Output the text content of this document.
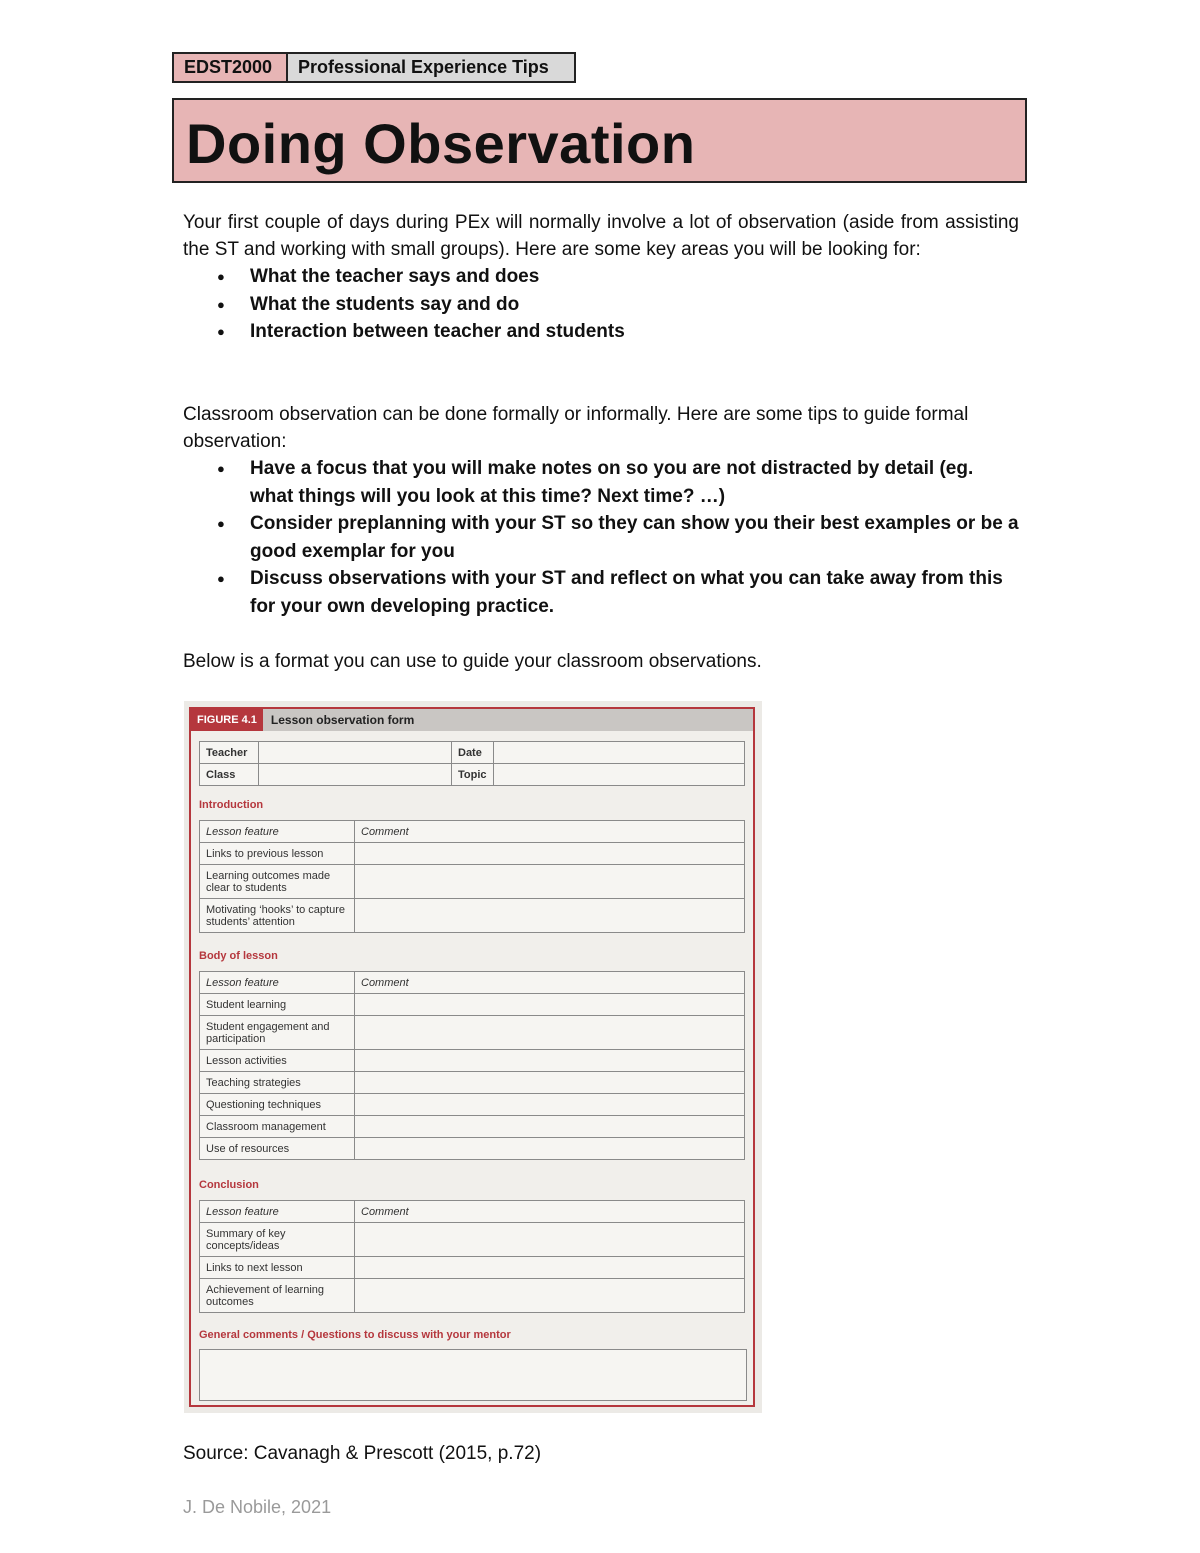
EDST2000	Professional Experience Tips
Doing Observation

Your first couple of days during PEx will normally involve a lot of observation (aside from assisting the ST and working with small groups). Here are some key areas you will be looking for:

● What the teacher says and does
● What the students say and do
● Interaction between teacher and students

Classroom observation can be done formally or informally. Here are some tips to guide formal observation:

● Have a focus that you will make notes on so you are not distracted by detail (eg. what things will you look at this time? Next time? …)
● Consider preplanning with your ST so they can show you their best examples or be a good exemplar for you
● Discuss observations with your ST and reflect on what you can take away from this for your own developing practice.
Below is a format you can use to guide your classroom observations.
FIGURE 4.1	Lesson observation form
Teacher		Date	
Class		Topic	
Introduction
Lesson feature	Comment
Links to previous lesson	
Learning outcomes made clear to students	
Motivating ‘hooks’ to capture students’ attention	
Body of lesson
Lesson feature	Comment
Student learning	
Student engagement and participation	
Lesson activities	
Teaching strategies	
Questioning techniques	
Classroom management	
Use of resources	
Conclusion
Lesson feature	Comment
Summary of key concepts/ideas	
Links to next lesson	
Achievement of learning outcomes	
General comments / Questions to discuss with your mentor
Source: Cavanagh & Prescott (2015, p.72)
J. De Nobile, 2021
